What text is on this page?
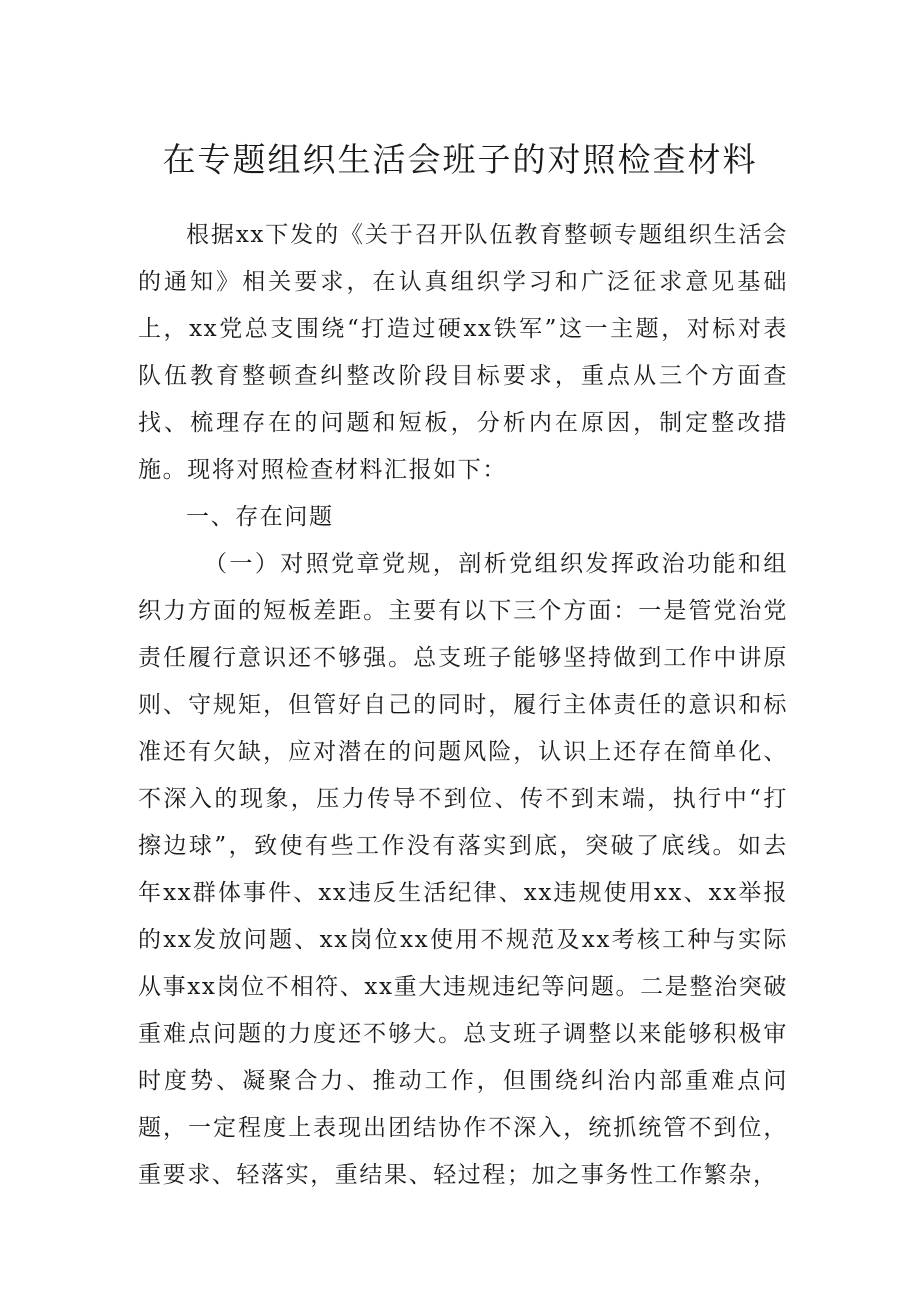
在专题组织生活会班子的对照检查材料

根据xx下发的《关于召开队伍教育整顿专题组织生活会的通知》相关要求，在认真组织学习和广泛征求意见基础上，xx党总支围绕“打造过硬xx铁军”这一主题，对标对表队伍教育整顿查纠整改阶段目标要求，重点从三个方面查找、梳理存在的问题和短板，分析内在原因，制定整改措施。现将对照检查材料汇报如下：

一、存在问题

（一）对照党章党规，剖析党组织发挥政治功能和组织力方面的短板差距。主要有以下三个方面：一是管党治党责任履行意识还不够强。总支班子能够坚持做到工作中讲原则、守规矩，但管好自己的同时，履行主体责任的意识和标准还有欠缺，应对潜在的问题风险，认识上还存在简单化、不深入的现象，压力传导不到位、传不到末端，执行中“打擦边球”，致使有些工作没有落实到底，突破了底线。如去年xx群体事件、xx违反生活纪律、xx违规使用xx、xx举报的xx发放问题、xx岗位xx使用不规范及xx考核工种与实际从事xx岗位不相符、xx重大违规违纪等问题。二是整治突破重难点问题的力度还不够大。总支班子调整以来能够积极审时度势、凝聚合力、推动工作，但围绕纠治内部重难点问题，一定程度上表现出团结协作不深入，统抓统管不到位，重要求、轻落实，重结果、轻过程；加之事务性工作繁杂，
